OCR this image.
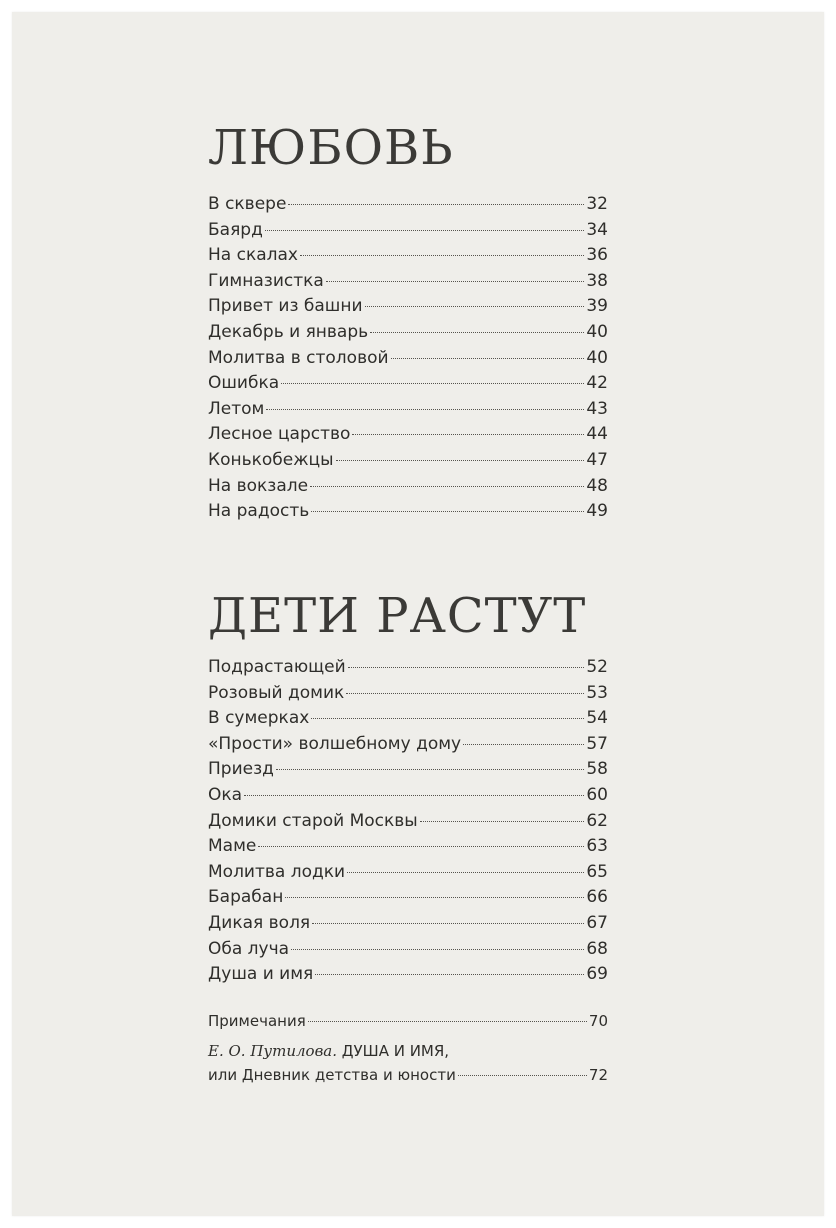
ЛЮБОВЬ
В сквере	32
Баярд	34
На скалах	36
Гимназистка	38
Привет из башни	39
Декабрь и январь	40
Молитва в столовой	40
Ошибка	42
Летом	43
Лесное царство	44
Конькобежцы	47
На вокзале	48
На радость	49
ДЕТИ РАСТУТ
Подрастающей	52
Розовый домик	53
В сумерках	54
«Прости» волшебному дому	57
Приезд	58
Ока	60
Домики старой Москвы	62
Маме	63
Молитва лодки	65
Барабан	66
Дикая воля	67
Оба луча	68
Душа и имя	69
Примечания	70
Е. О. Путилова. ДУША И ИМЯ,
или Дневник детства и юности	72
